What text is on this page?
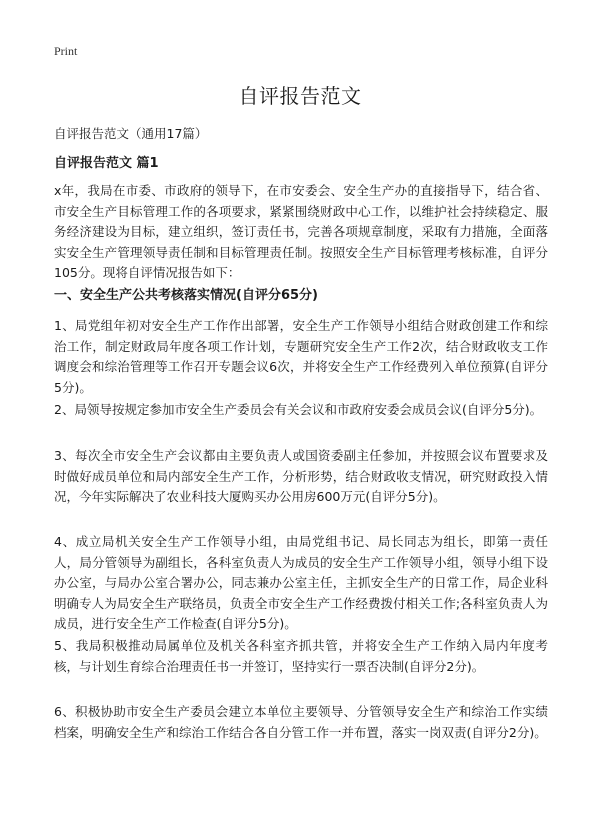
Print
自评报告范文
自评报告范文（通用17篇）
自评报告范文 篇1
x年，我局在市委、市政府的领导下，在市安委会、安全生产办的直接指导下，结合省、市安全生产目标管理工作的各项要求，紧紧围绕财政中心工作，以维护社会持续稳定、服务经济建设为目标，建立组织，签订责任书，完善各项规章制度，采取有力措施，全面落实安全生产管理领导责任制和目标管理责任制。按照安全生产目标管理考核标准，自评分105分。现将自评情况报告如下：
一、安全生产公共考核落实情况(自评分65分)
1、局党组年初对安全生产工作作出部署，安全生产工作领导小组结合财政创建工作和综治工作，制定财政局年度各项工作计划，专题研究安全生产工作2次，结合财政收支工作调度会和综治管理等工作召开专题会议6次，并将安全生产工作经费列入单位预算(自评分5分)。
2、局领导按规定参加市安全生产委员会有关会议和市政府安委会成员会议(自评分5分)。
3、每次全市安全生产会议都由主要负责人或国资委副主任参加，并按照会议布置要求及时做好成员单位和局内部安全生产工作，分析形势，结合财政收支情况，研究财政投入情况，今年实际解决了农业科技大厦购买办公用房600万元(自评分5分)。
4、成立局机关安全生产工作领导小组，由局党组书记、局长同志为组长，即第一责任人，局分管领导为副组长，各科室负责人为成员的安全生产工作领导小组，领导小组下设办公室，与局办公室合署办公，同志兼办公室主任，主抓安全生产的日常工作，局企业科明确专人为局安全生产联络员，负责全市安全生产工作经费拨付相关工作;各科室负责人为成员，进行安全生产工作检查(自评分5分)。
5、我局积极推动局属单位及机关各科室齐抓共管，并将安全生产工作纳入局内年度考核，与计划生育综合治理责任书一并签订，坚持实行一票否决制(自评分2分)。
6、积极协助市安全生产委员会建立本单位主要领导、分管领导安全生产和综治工作实绩档案，明确安全生产和综治工作结合各自分管工作一并布置，落实一岗双责(自评分2分)。
